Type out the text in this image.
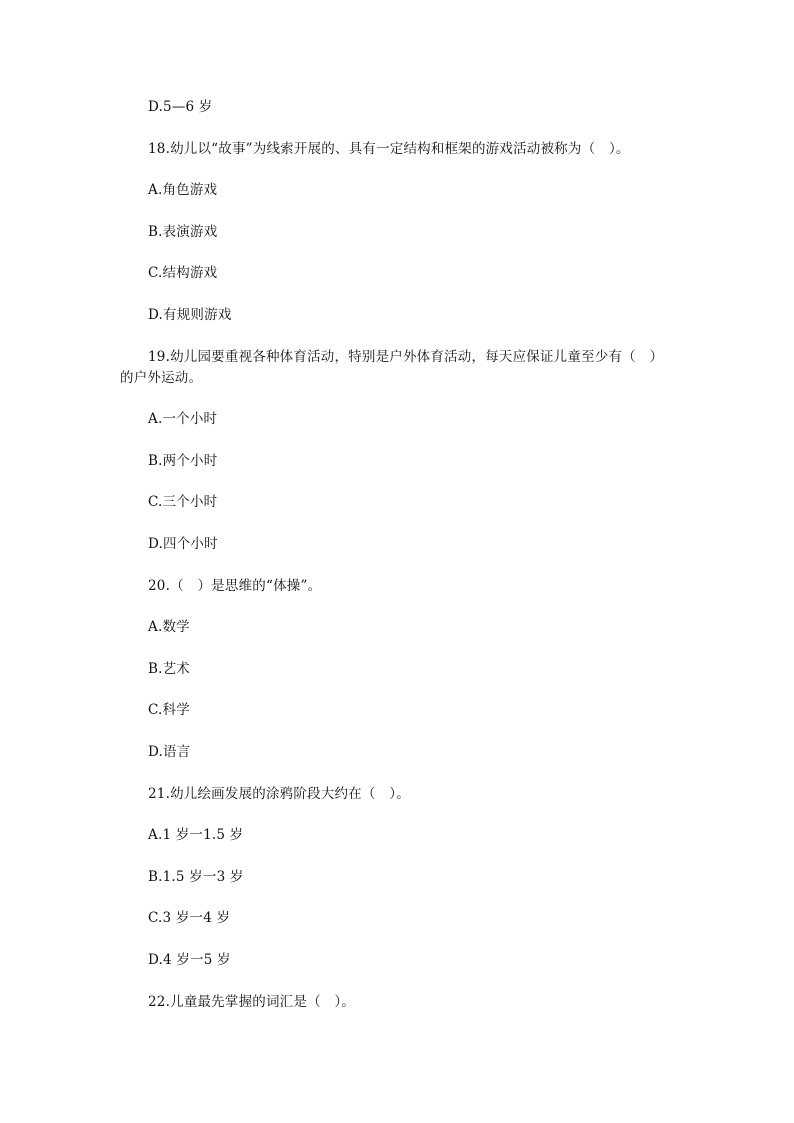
D.5—6 岁
18.幼儿以“故事”为线索开展的、具有一定结构和框架的游戏活动被称为（　）。
A.角色游戏
B.表演游戏
C.结构游戏
D.有规则游戏
19.幼儿园要重视各种体育活动，特别是户外体育活动，每天应保证儿童至少有（　）
的户外运动。
A.一个小时
B.两个小时
C.三个小时
D.四个小时
20.（　）是思维的“体操”。
A.数学
B.艺术
C.科学
D.语言
21.幼儿绘画发展的涂鸦阶段大约在（　）。
A.1 岁一1.5 岁
B.1.5 岁一3 岁
C.3 岁一4 岁
D.4 岁一5 岁
22.儿童最先掌握的词汇是（　）。
